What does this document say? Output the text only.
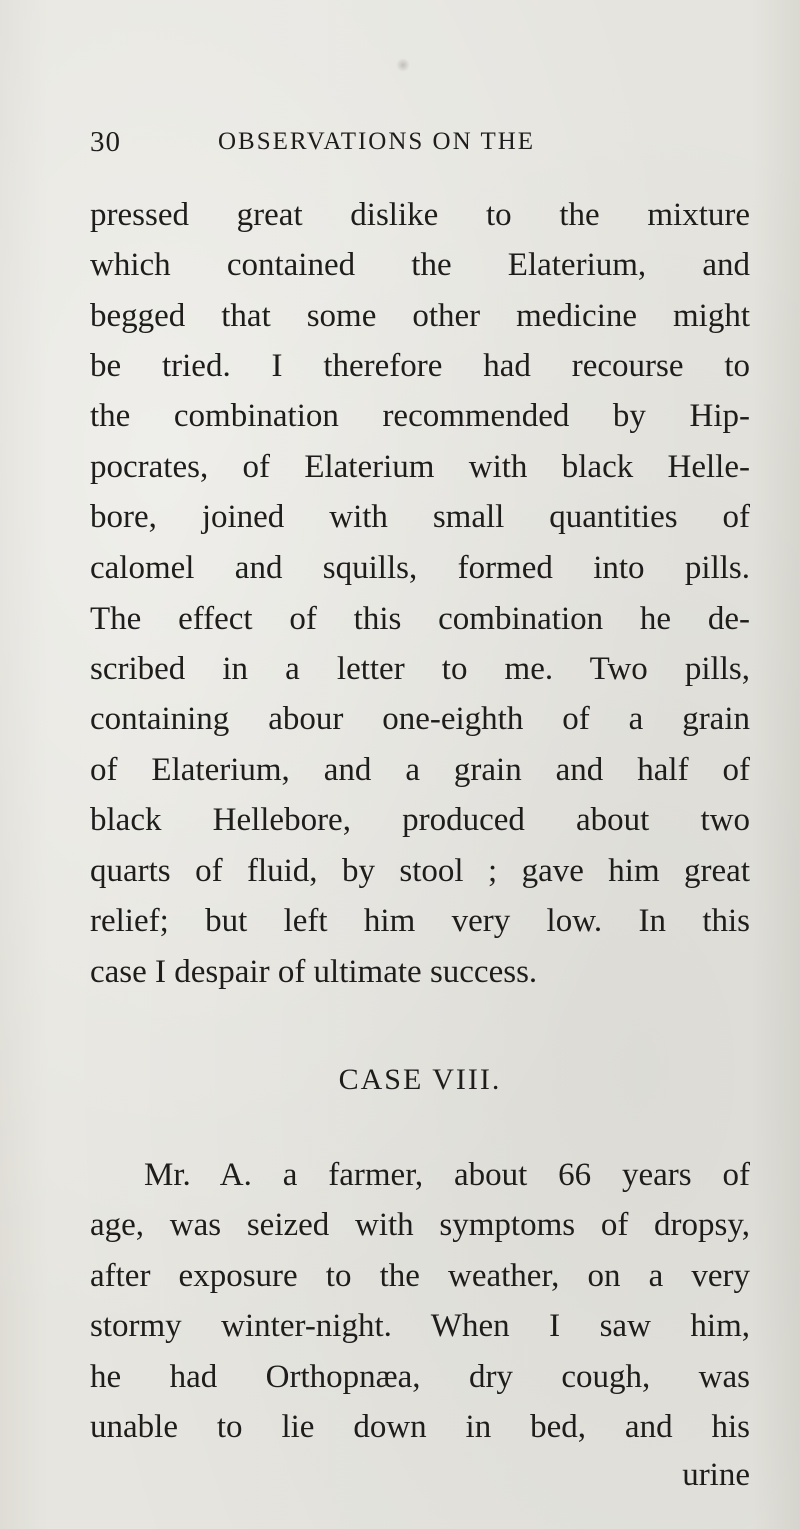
30	OBSERVATIONS ON THE
pressed great dislike to the mixture
which contained the Elaterium, and
begged that some other medicine might
be tried. I therefore had recourse to
the combination recommended by Hip-
pocrates, of Elaterium with black Helle-
bore, joined with small quantities of
calomel and squills, formed into pills.
The effect of this combination he de-
scribed in a letter to me. Two pills,
containing abour one-eighth of a grain
of Elaterium, and a grain and half of
black Hellebore, produced about two
quarts of fluid, by stool ; gave him great
relief; but left him very low. In this
case I despair of ultimate success.
CASE VIII.
Mr. A. a farmer, about 66 years of
age, was seized with symptoms of dropsy,
after exposure to the weather, on a very
stormy winter-night. When I saw him,
he had Orthopnæa, dry cough, was
unable to lie down in bed, and his
urine
